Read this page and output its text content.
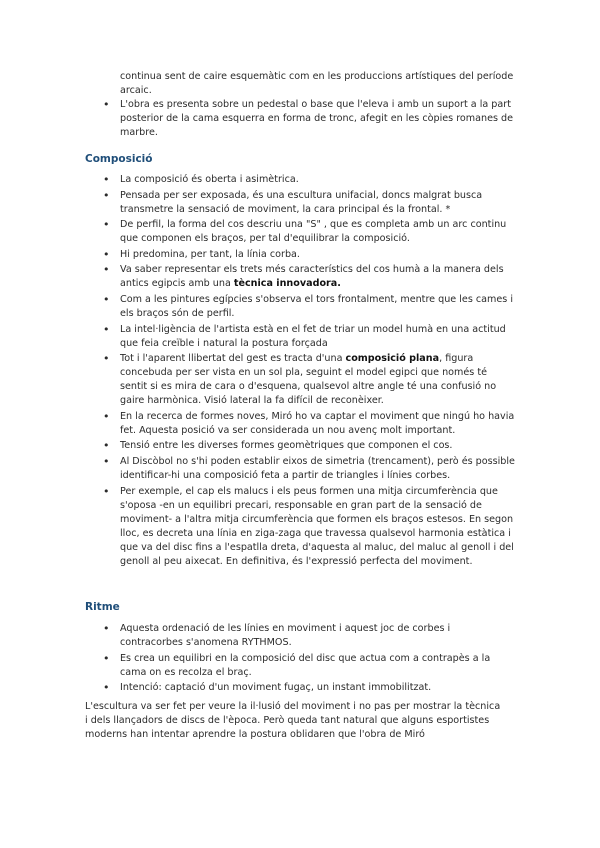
continua sent de caire esquemàtic com en les produccions artístiques del període arcaic.
• L'obra es presenta sobre un pedestal o base que l'eleva i amb un suport a la part posterior de la cama esquerra en forma de tronc, afegit en les còpies romanes de marbre.
Composició
• La composició és oberta i asimètrica.
• Pensada per ser exposada, és una escultura unifacial, doncs malgrat busca transmetre la sensació de moviment, la cara principal és la frontal. *
• De perfil, la forma del cos descriu una "S" , que es completa amb un arc continu que componen els braços, per tal d'equilibrar la composició.
• Hi predomina, per tant, la línia corba.
• Va saber representar els trets més característics del cos humà a la manera dels antics egipcis amb una tècnica innovadora.
• Com a les pintures egípcies s'observa el tors frontalment, mentre que les cames i els braços són de perfil.
• La intel·ligència de l'artista està en el fet de triar un model humà en una actitud que feia creïble i natural la postura forçada
• Tot i l'aparent llibertat del gest es tracta d'una composició plana, figura concebuda per ser vista en un sol pla, seguint el model egipci que només té sentit si es mira de cara o d'esquena, qualsevol altre angle té una confusió no gaire harmònica. Visió lateral la fa difícil de reconèixer.
• En la recerca de formes noves, Miró ho va captar el moviment que ningú ho havia fet. Aquesta posició va ser considerada un nou avenç molt important.
• Tensió entre les diverses formes geomètriques que componen el cos.
• Al Discòbol no s'hi poden establir eixos de simetria (trencament), però és possible identificar-hi una composició feta a partir de triangles i línies corbes.
• Per exemple, el cap els malucs i els peus formen una mitja circumferència que s'oposa -en un equilibri precari, responsable en gran part de la sensació de moviment- a l'altra mitja circumferència que formen els braços estesos. En segon lloc, es decreta una línia en ziga-zaga que travessa qualsevol harmonia estàtica i que va del disc fins a l'espatlla dreta, d'aquesta al maluc, del maluc al genoll i del genoll al peu aixecat. En definitiva, és l'expressió perfecta del moviment.
Ritme
• Aquesta ordenació de les línies en moviment i aquest joc de corbes i contracorbes s'anomena RYTHMOS.
• Es crea un equilibri en la composició del disc que actua com a contrapès a la cama on es recolza el braç.
• Intenció: captació d'un moviment fugaç, un instant immobilitzat.
L'escultura va ser fet per veure la il·lusió del moviment i no pas per mostrar la tècnica i dels llançadors de discs de l'època. Però queda tant natural que alguns esportistes moderns han intentar aprendre la postura oblidaren que l'obra de Miró
